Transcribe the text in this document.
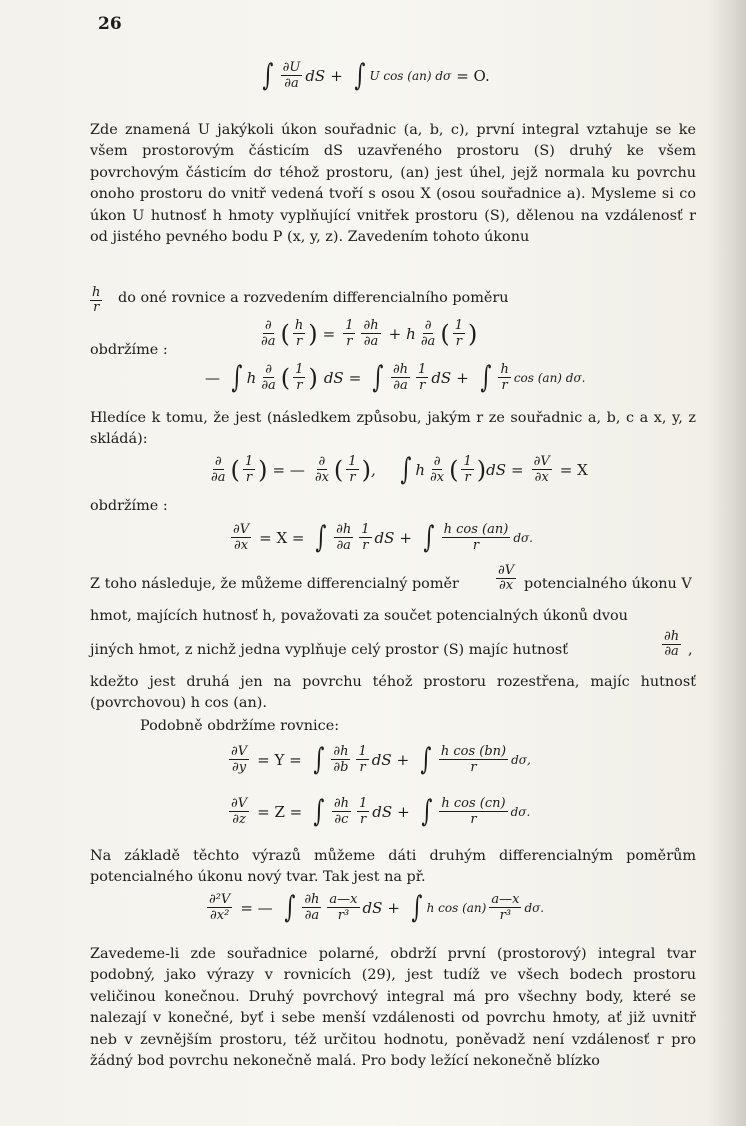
26
∫ $\frac{\partial U}{\partial a}$ dS + ∫ U cos (an) dσ = O.
Zde znamená U jakýkoli úkon souřadnic (a, b, c), první integral vztahuje se ke všem prostorovým částicím dS uzavřeného prostoru (S) druhý ke všem povrchovým částicím dσ téhož prostoru, (an) jest úhel, jejž normala ku povrchu onoho prostoru do vnitř vedená tvoří s osou X (osou souřadnice a). Mysleme si co úkon U hutnosť h hmoty vyplňující vnitřek prostoru (S), dělenou na vzdálenosť r od jistého pevného bodu P (x, y, z). Zavedením tohoto úkonu
$\frac{h}{r}$ do oné rovnice a rozvedením differencialního poměru
$\frac{\partial}{\partial a}$ ( $\frac{h}{r}$ ) = $\frac{1}{r} \frac{\partial h}{\partial a} + h \frac{\partial}{\partial a}$ ( $\frac{1}{r}$ )
obdržíme :
— ∫ h $\frac{\partial}{\partial a}$ ( $\frac{1}{r}$ ) dS = ∫ $\frac{\partial h}{\partial a} \frac{1}{r}$ dS + ∫ $\frac{h}{r}$ cos (an) dσ.
Hledíce k tomu, že jest (následkem způsobu, jakým r ze souřadnic a, b, c a x, y, z skládá):
$\frac{\partial}{\partial a}$ ( $\frac{1}{r}$ ) = — $\frac{\partial}{\partial x}$ ( $\frac{1}{r}$ ) , ∫ h $\frac{\partial}{\partial x}$ ( $\frac{1}{r}$ ) dS = $\frac{\partial V}{\partial x} = X$
obdržíme :
$\frac{\partial V}{\partial x} = X$ = ∫ $\frac{\partial h}{\partial a} \frac{1}{r}$ dS + ∫ $\frac{\text{h cos (an)}}{r} d\sigma$.
Z toho následuje, že můžeme differencialný poměr	$\frac{\partial V}{\partial x}$ potencialného úkonu V
hmot, majících hutnosť h, považovati za součet potencialných úkonů dvou
jiných hmot, z nichž jedna vyplňuje celý prostor (S) majíc hutnosť	$\frac{\partial h}{\partial a}$ ,
kdežto jest druhá jen na povrchu téhož prostoru rozestřena, majíc hutnosť (povrchovou) h cos (an).
Podobně obdržíme rovnice:
$\frac{\partial V}{\partial y} = Y$ = ∫ $\frac{\partial h}{\partial b} \frac{1}{r}$ dS + ∫ $\frac{\text{h cos (bn)}}{r} d\sigma$,
$\frac{\partial V}{\partial z} = Z$ = ∫ $\frac{\partial h}{\partial c} \frac{1}{r}$ dS + ∫ $\frac{\text{h cos (cn)}}{r} d\sigma$.
Na základě těchto výrazů můžeme dáti druhým differencialným poměrům potencialného úkonu nový tvar. Tak jest na př.
$\frac{\text{∂²V}}{\text{∂x²}}$ = — ∫ $\frac{\partial h}{\partial a} \frac{a—x}{\text{r³}}$ dS + ∫ h $\cos (an) \frac{a—x}{\text{r³}} d\sigma$.
Zavedeme-li zde souřadnice polarné, obdrží první (prostorový) integral tvar podobný, jako výrazy v rovnicích (29), jest tudíž ve všech bodech prostoru veličinou konečnou. Druhý povrchový integral má pro všechny body, které se nalezají v konečné, byť i sebe menší vzdálenosti od povrchu hmoty, ať již uvnitř neb v zevnějším prostoru, též určitou hodnotu, poněvadž není vzdálenosť r pro žádný bod povrchu nekonečně malá. Pro body ležící nekonečně blízko
